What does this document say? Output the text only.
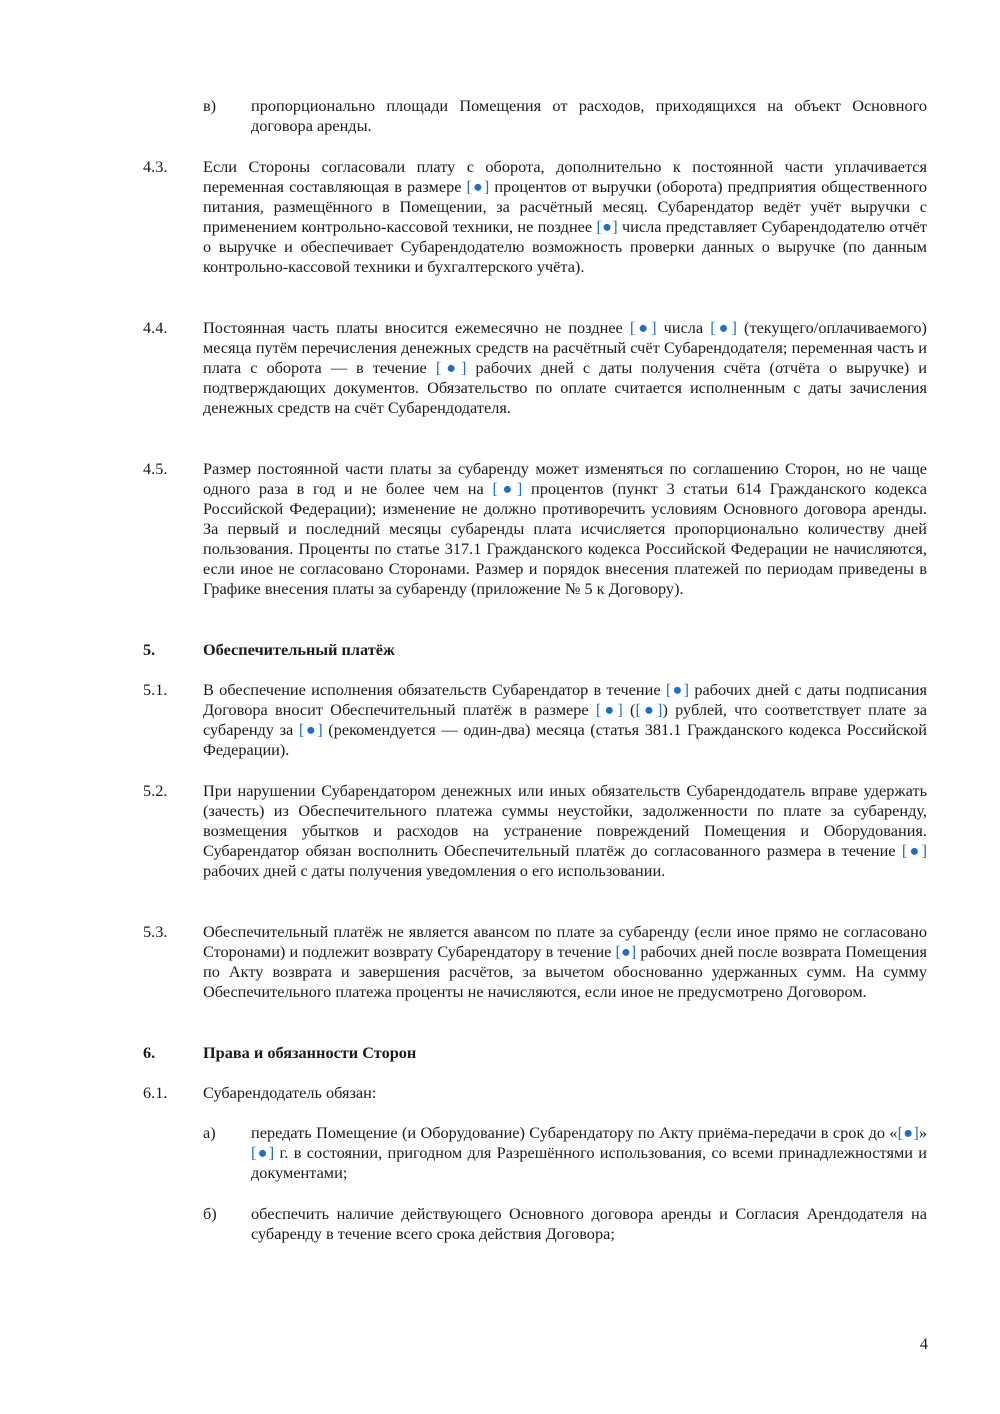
в) пропорционально площади Помещения от расходов, приходящихся на объект Основного договора аренды.
4.3. Если Стороны согласовали плату с оборота, дополнительно к постоянной части уплачивается переменная составляющая в размере [●] процентов от выручки (оборота) предприятия общественного питания, размещённого в Помещении, за расчётный месяц. Субарендатор ведёт учёт выручки с применением контрольно-кассовой техники, не позднее [●] числа представляет Субарендодателю отчёт о выручке и обеспечивает Субарендодателю возможность проверки данных о выручке (по данным контрольно-кассовой техники и бухгалтерского учёта).
4.4. Постоянная часть платы вносится ежемесячно не позднее [●] числа [●] (текущего/оплачиваемого) месяца путём перечисления денежных средств на расчётный счёт Субарендодателя; переменная часть и плата с оборота — в течение [●] рабочих дней с даты получения счёта (отчёта о выручке) и подтверждающих документов. Обязательство по оплате считается исполненным с даты зачисления денежных средств на счёт Субарендодателя.
4.5. Размер постоянной части платы за субаренду может изменяться по соглашению Сторон, но не чаще одного раза в год и не более чем на [●] процентов (пункт 3 статьи 614 Гражданского кодекса Российской Федерации); изменение не должно противоречить условиям Основного договора аренды. За первый и последний месяцы субаренды плата исчисляется пропорционально количеству дней пользования. Проценты по статье 317.1 Гражданского кодекса Российской Федерации не начисляются, если иное не согласовано Сторонами. Размер и порядок внесения платежей по периодам приведены в Графике внесения платы за субаренду (приложение № 5 к Договору).
5.	Обеспечительный платёж
5.1. В обеспечение исполнения обязательств Субарендатор в течение [●] рабочих дней с даты подписания Договора вносит Обеспечительный платёж в размере [●] ([●]) рублей, что соответствует плате за субаренду за [●] (рекомендуется — один-два) месяца (статья 381.1 Гражданского кодекса Российской Федерации).
5.2. При нарушении Субарендатором денежных или иных обязательств Субарендодатель вправе удержать (зачесть) из Обеспечительного платежа суммы неустойки, задолженности по плате за субаренду, возмещения убытков и расходов на устранение повреждений Помещения и Оборудования. Субарендатор обязан восполнить Обеспечительный платёж до согласованного размера в течение [●] рабочих дней с даты получения уведомления о его использовании.
5.3. Обеспечительный платёж не является авансом по плате за субаренду (если иное прямо не согласовано Сторонами) и подлежит возврату Субарендатору в течение [●] рабочих дней после возврата Помещения по Акту возврата и завершения расчётов, за вычетом обоснованно удержанных сумм. На сумму Обеспечительного платежа проценты не начисляются, если иное не предусмотрено Договором.
6.	Права и обязанности Сторон
6.1. Субарендодатель обязан:
а) передать Помещение (и Оборудование) Субарендатору по Акту приёма-передачи в срок до «[●]» [●] г. в состоянии, пригодном для Разрешённого использования, со всеми принадлежностями и документами;
б) обеспечить наличие действующего Основного договора аренды и Согласия Арендодателя на субаренду в течение всего срока действия Договора;
4
